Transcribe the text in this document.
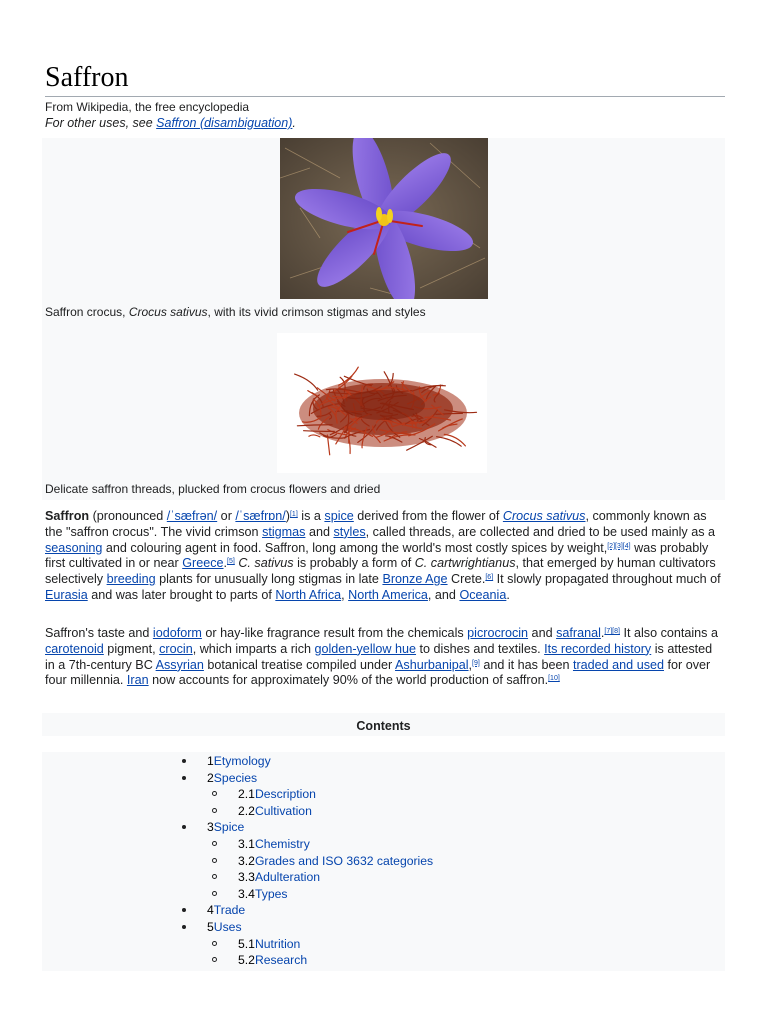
Saffron
From Wikipedia, the free encyclopedia
For other uses, see Saffron (disambiguation).
Saffron crocus, Crocus sativus, with its vivid crimson stigmas and styles
Delicate saffron threads, plucked from crocus flowers and dried

Saffron (pronounced /ˈsæfrən/ or /ˈsæfrɒn/)[1] is a spice derived from the flower of Crocus sativus, commonly known as the "saffron crocus". The vivid crimson stigmas and styles, called threads, are collected and dried to be used mainly as a seasoning and colouring agent in food. Saffron, long among the world's most costly spices by weight,[2][3][4] was probably first cultivated in or near Greece.[5] C. sativus is probably a form of C. cartwrightianus, that emerged by human cultivators selectively breeding plants for unusually long stigmas in late Bronze Age Crete.[6] It slowly propagated throughout much of Eurasia and was later brought to parts of North Africa, North America, and Oceania.

Saffron's taste and iodoform or hay-like fragrance result from the chemicals picrocrocin and safranal.[7][8] It also contains a carotenoid pigment, crocin, which imparts a rich golden-yellow hue to dishes and textiles. Its recorded history is attested in a 7th-century BC Assyrian botanical treatise compiled under Ashurbanipal,[9] and it has been traded and used for over four millennia. Iran now accounts for approximately 90% of the world production of saffron.[10]

Contents
1Etymology
2Species
2.1Description
2.2Cultivation
3Spice
3.1Chemistry
3.2Grades and ISO 3632 categories
3.3Adulteration
3.4Types
4Trade
5Uses
5.1Nutrition
5.2Research
